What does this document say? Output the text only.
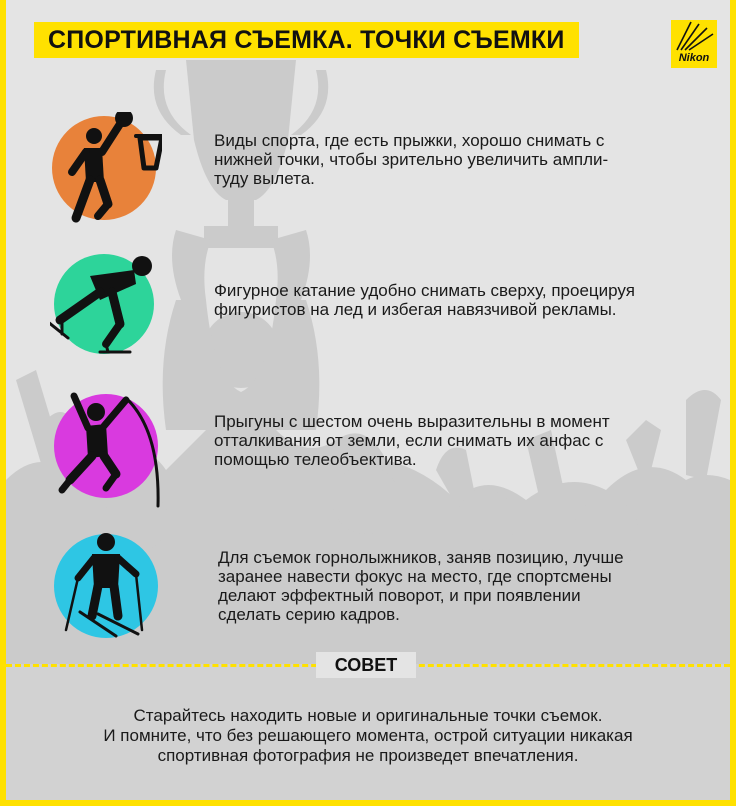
СПОРТИВНАЯ СЪЕМКА. ТОЧКИ СЪЕМКИ
Nikon
Виды спорта, где есть прыжки, хорошо снимать с
нижней точки, чтобы зрительно увеличить ампли-
туду вылета.
Фигурное катание удобно снимать сверху, проецируя
фигуристов на лед и избегая навязчивой рекламы.
Прыгуны с шестом очень выразительны в момент
отталкивания от земли, если снимать их анфас с
помощью телеобъектива.
Для съемок горнолыжников, заняв позицию, лучше
заранее навести фокус на место, где спортсмены
делают эффектный поворот, и при появлении
сделать серию кадров.
СОВЕТ
Старайтесь находить новые и оригинальные точки съемок.
И помните, что без решающего момента, острой ситуации никакая
спортивная фотография не произведет впечатления.
